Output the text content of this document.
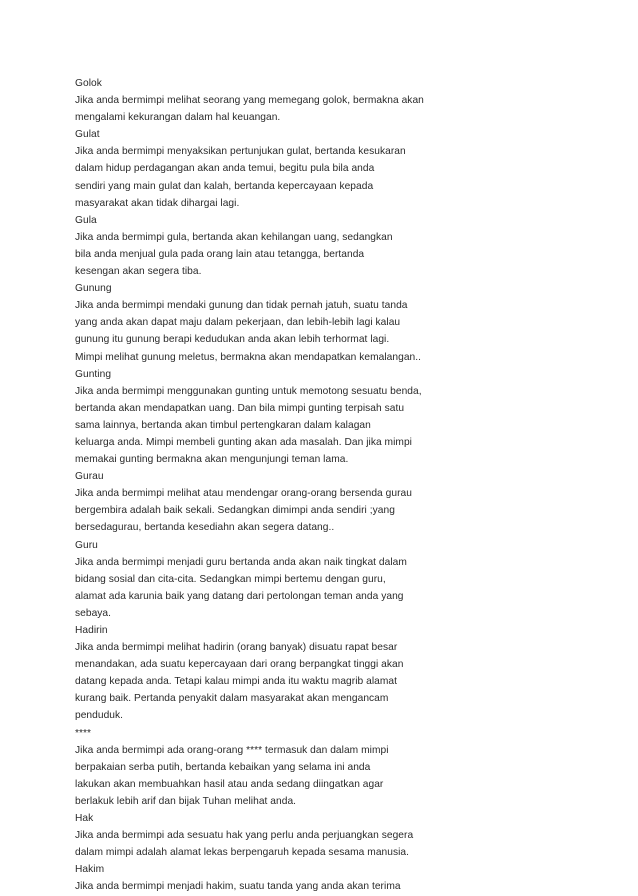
Golok
Jika anda bermimpi melihat seorang yang memegang golok, bermakna akan
mengalami kekurangan dalam hal keuangan.
Gulat
Jika anda bermimpi menyaksikan pertunjukan gulat, bertanda kesukaran
dalam hidup perdagangan akan anda temui, begitu pula bila anda
sendiri yang main gulat dan kalah, bertanda kepercayaan kepada
masyarakat akan tidak dihargai lagi.
Gula
Jika anda bermimpi gula, bertanda akan kehilangan uang, sedangkan
bila anda menjual gula pada orang lain atau tetangga, bertanda
kesengan akan segera tiba.
Gunung
Jika anda bermimpi mendaki gunung dan tidak pernah jatuh, suatu tanda
yang anda akan dapat maju dalam pekerjaan, dan lebih-lebih lagi kalau
gunung itu gunung berapi kedudukan anda akan lebih terhormat lagi.
Mimpi melihat gunung meletus, bermakna akan mendapatkan kemalangan..
Gunting
Jika anda bermimpi menggunakan gunting untuk memotong sesuatu benda,
bertanda akan mendapatkan uang. Dan bila mimpi gunting terpisah satu
sama lainnya, bertanda akan timbul pertengkaran dalam kalagan
keluarga anda. Mimpi membeli gunting akan ada masalah. Dan jika mimpi
memakai gunting bermakna akan mengunjungi teman lama.
Gurau
Jika anda bermimpi melihat atau mendengar orang-orang bersenda gurau
bergembira adalah baik sekali. Sedangkan dimimpi anda sendiri ;yang
bersedagurau, bertanda kesediahn akan segera datang..
Guru
Jika anda bermimpi menjadi guru bertanda anda akan naik tingkat dalam
bidang sosial dan cita-cita. Sedangkan mimpi bertemu dengan guru,
alamat ada karunia baik yang datang dari pertolongan teman anda yang
sebaya.
Hadirin
Jika anda bermimpi melihat hadirin (orang banyak) disuatu rapat besar
menandakan, ada suatu kepercayaan dari orang berpangkat tinggi akan
datang kepada anda. Tetapi kalau mimpi anda itu waktu magrib alamat
kurang baik. Pertanda penyakit dalam masyarakat akan mengancam
penduduk.
****
Jika anda bermimpi ada orang-orang **** termasuk dan dalam mimpi
berpakaian serba putih, bertanda kebaikan yang selama ini anda
lakukan akan membuahkan hasil atau anda sedang diingatkan agar
berlakuk lebih arif dan bijak Tuhan melihat anda.
Hak
Jika anda bermimpi ada sesuatu hak yang perlu anda perjuangkan segera
dalam mimpi adalah alamat lekas berpengaruh kepada sesama manusia.
Hakim
Jika anda bermimpi menjadi hakim, suatu tanda yang anda akan terima
